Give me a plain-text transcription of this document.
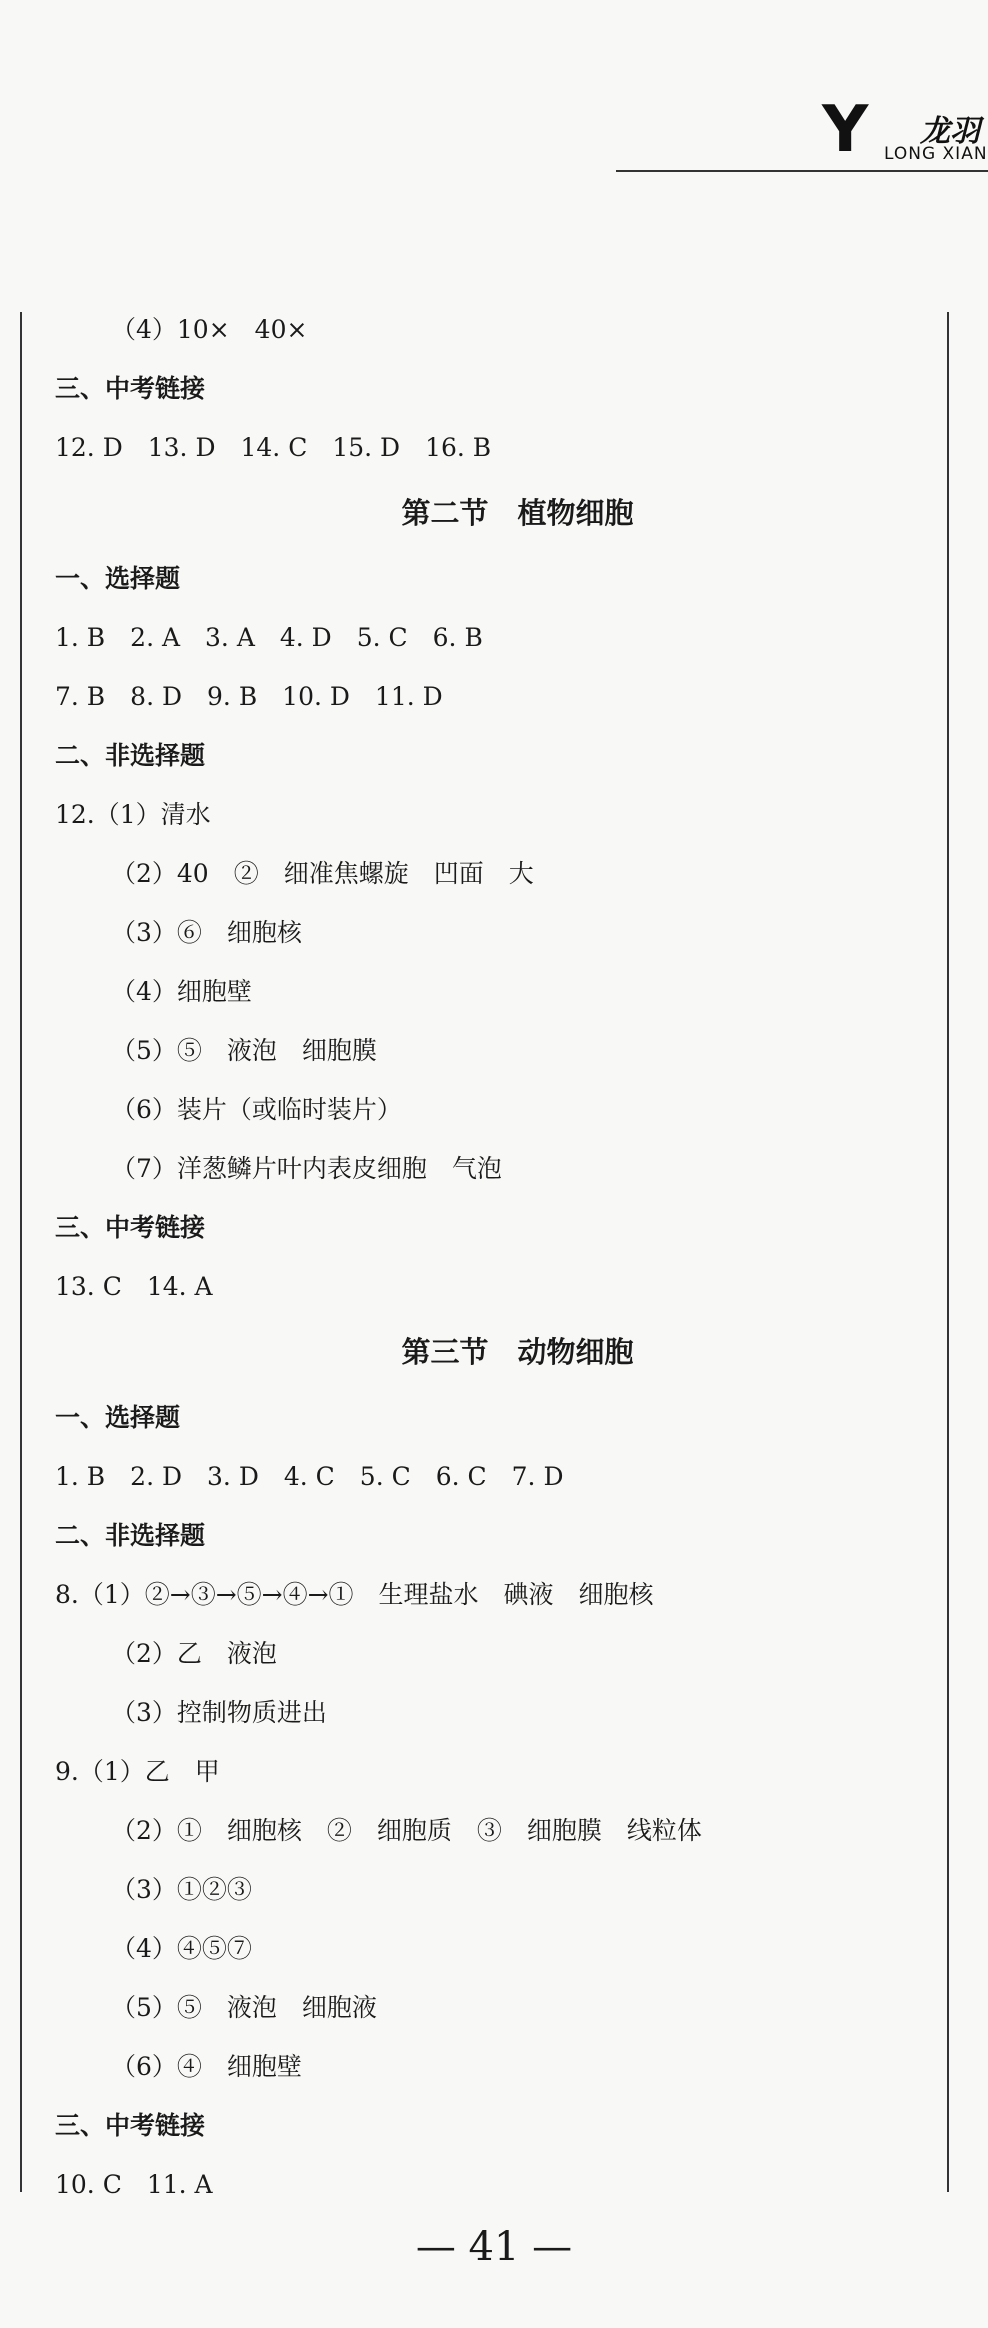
Y 龙羽
LONG XIAN
（4）10×　40×
三、中考链接
12. D　13. D　14. C　15. D　16. B
第二节　植物细胞
一、选择题
1. B　2. A　3. A　4. D　5. C　6. B
7. B　8. D　9. B　10. D　11. D
二、非选择题
12.（1）清水
（2）40　②　细准焦螺旋　凹面　大
（3）⑥　细胞核
（4）细胞壁
（5）⑤　液泡　细胞膜
（6）装片（或临时装片）
（7）洋葱鳞片叶内表皮细胞　气泡
三、中考链接
13. C　14. A
第三节　动物细胞
一、选择题
1. B　2. D　3. D　4. C　5. C　6. C　7. D
二、非选择题
8.（1）②→③→⑤→④→①　生理盐水　碘液　细胞核
（2）乙　液泡
（3）控制物质进出
9.（1）乙　甲
（2）①　细胞核　②　细胞质　③　细胞膜　线粒体
（3）①②③
（4）④⑤⑦
（5）⑤　液泡　细胞液
（6）④　细胞壁
三、中考链接
10. C　11. A
— 41 —
